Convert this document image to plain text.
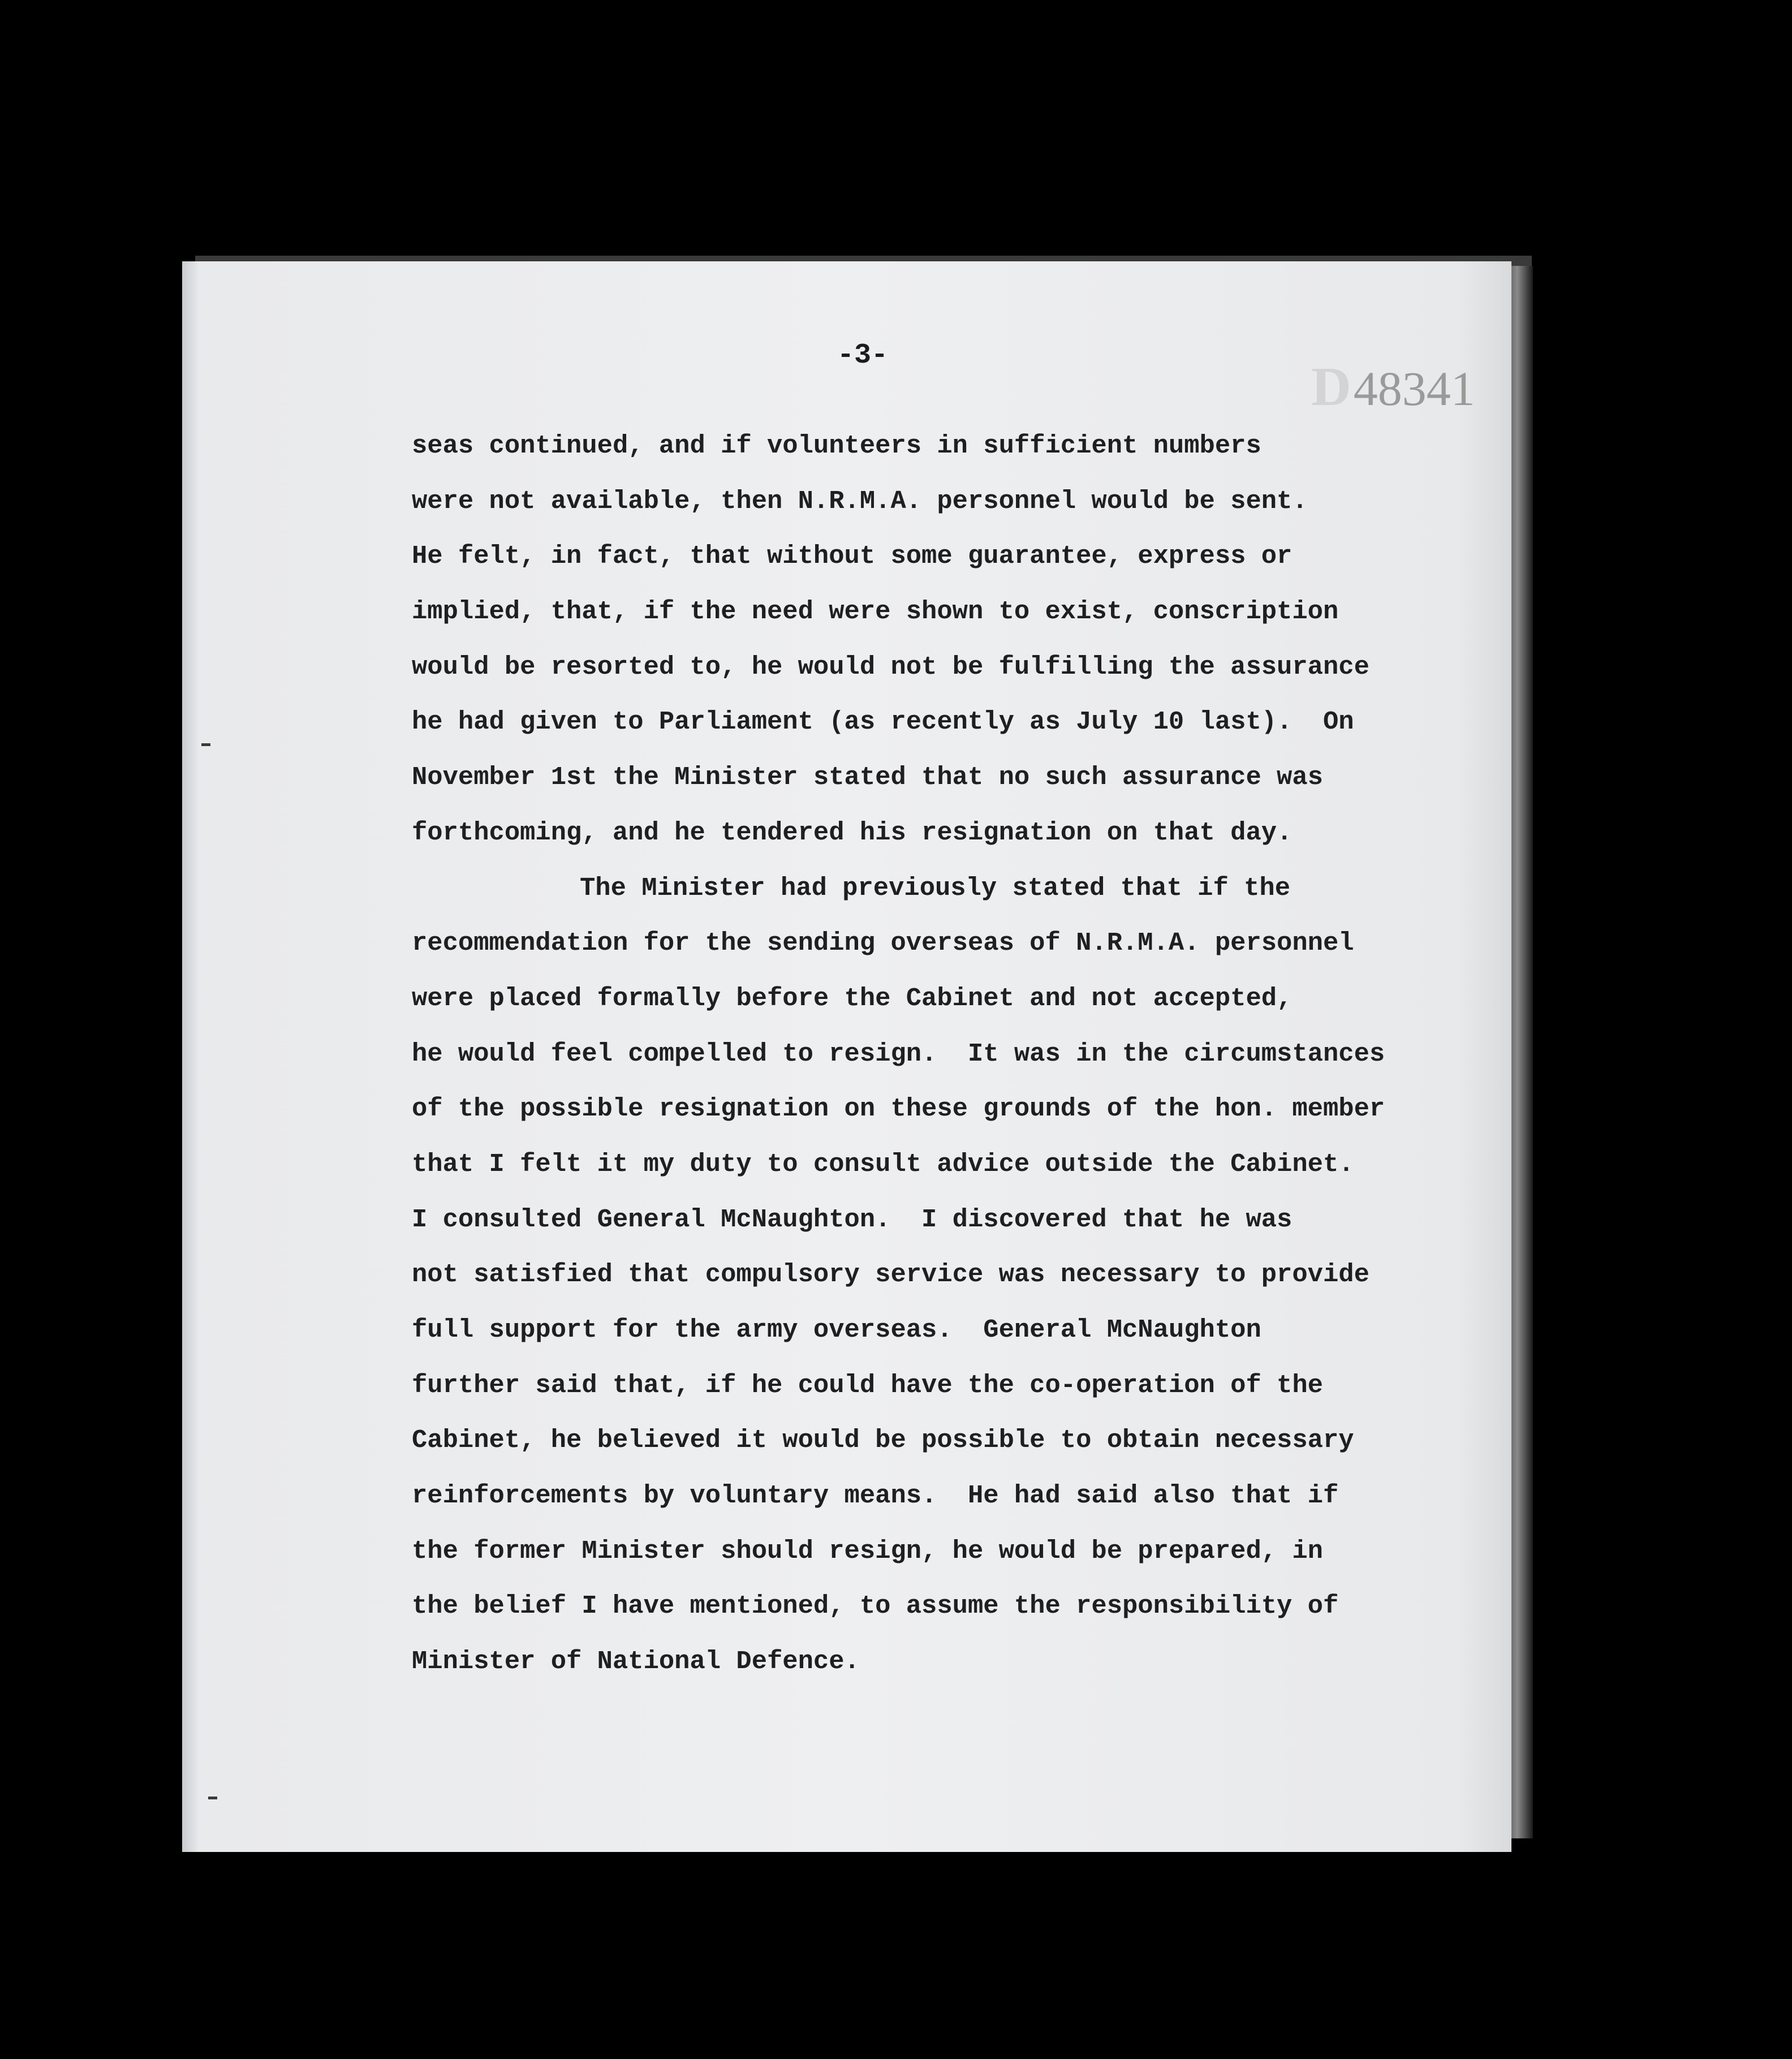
-3-
D48341
seas continued, and if volunteers in sufficient numbers
were not available, then N.R.M.A. personnel would be sent.
He felt, in fact, that without some guarantee, express or
implied, that, if the need were shown to exist, conscription
would be resorted to, he would not be fulfilling the assurance
he had given to Parliament (as recently as July 10 last).  On
November 1st the Minister stated that no such assurance was
forthcoming, and he tendered his resignation on that day.
The Minister had previously stated that if the
recommendation for the sending overseas of N.R.M.A. personnel
were placed formally before the Cabinet and not accepted,
he would feel compelled to resign.  It was in the circumstances
of the possible resignation on these grounds of the hon. member
that I felt it my duty to consult advice outside the Cabinet.
I consulted General McNaughton.  I discovered that he was
not satisfied that compulsory service was necessary to provide
full support for the army overseas.  General McNaughton
further said that, if he could have the co-operation of the
Cabinet, he believed it would be possible to obtain necessary
reinforcements by voluntary means.  He had said also that if
the former Minister should resign, he would be prepared, in
the belief I have mentioned, to assume the responsibility of
Minister of National Defence.
